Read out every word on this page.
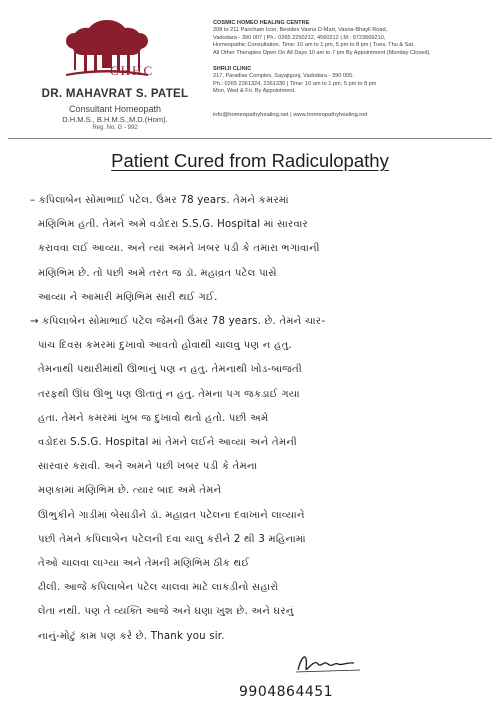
CHHC
DR. MAHAVRAT S. PATEL
Consultant Homeopath
D.H.M.S., B.H.M.S.,M.D.(Hom).
Reg. No. G - 992
COSMIC HOMEO HEALING CENTRE
208 to 211 Pancham Icon, Besides Vasna D-Mart, Vasna-Bhayli Road,
Vadodara - 390 007 | Ph.: 0265 2250212, 4560212 | M.: 9723669210,
Homeopathic Consultation. Time: 10 am to 1 pm, 5 pm to 8 pm | Tues, Thu & Sat.
All Other Therapies Open On All Days 10 am to 7 pm By Appointment (Monday Closed).
SHRIJI CLINIC
217, Paradise Complex, Sayajigunj, Vadodara - 390 005.
Ph.: 0265 2361324, 2361330 | Time: 10 am to 1 pm, 5 pm to 8 pm
Mon, Wed & Fri. By Appointment.
info@homeopathyhealing.net | www.homeopathyhealing.net
Patient Cured from Radiculopathy
– કપિલાબેન સોમાભાઈ પટેલ. ઉંમર 78 years. તેમને કમરમાં
મણિભિમ હતી. તેમને અમે વડોદરા S.S.G. Hospital માં સારવાર
કરાવવા લઈ આવ્યા. અને ત્યાં અમને ખબર પડી કે તમારા ભગાવાની
મણિભિમ છે. તો પછી અમે તરત જ ડૉ. મહાવ્રત પટેલ પાસે
આવ્યા ને આમારી મણિભિમ સારી થઈ ગઈ.
→ કપિલાબેન સોમાભાઈ પટેલ જેમની ઉંમર 78 years. છે. તેમને ચાર-
પાંચ દિવસ કમરમાં દુખાવો આવતો હોવાથી ચાલવુ પણ ન હતુ.
તેમનાથી પથારીમાંથી ઊભાનું પણ ન હતુ. તેમનાથી ખોડ-બાજતી
તરફથી ઊંઘ ઊભુ પણ ઊતાતું ન હતુ. તેમના પગ જકડાઈ ગયા
હતા. તેમને કમરમાં ખુબ જ દુખાવો થતો હતો. પછી અમે
વડોદરા S.S.G. Hospital માં તેમને લઈને આવ્યા અને તેમની
સારવાર કરાવી. અને અમને પછી ખબર પડી કે તેમના
મણકામાં મણિભિમ છે. ત્યાર બાદ અમે તેમને
ઊભુકીને ગાડીમાં બેસાડીને ડૉ. મહાવ્રત પટેલના દવાખાને લાવ્યાને
પછી તેમને કપિલાબેન પટેલની દવા ચાલુ કરીને 2 થી 3 મહિનામાં
તેઓ ચાલવા લાગ્યા અને તેમની મણિભિમ ઠીક થઈ
ઢીલી. આજે કપિલાબેન પટેલ ચાલવા માટે લાકડીનો સહારો
લેતા નથી. પણ તે વ્યક્તિ આજે અને ઘણા ખુશ છે. અને ઘરનું
નાનું-મોટું કામ પણ કરે છે. Thank you sir.
9904864451
